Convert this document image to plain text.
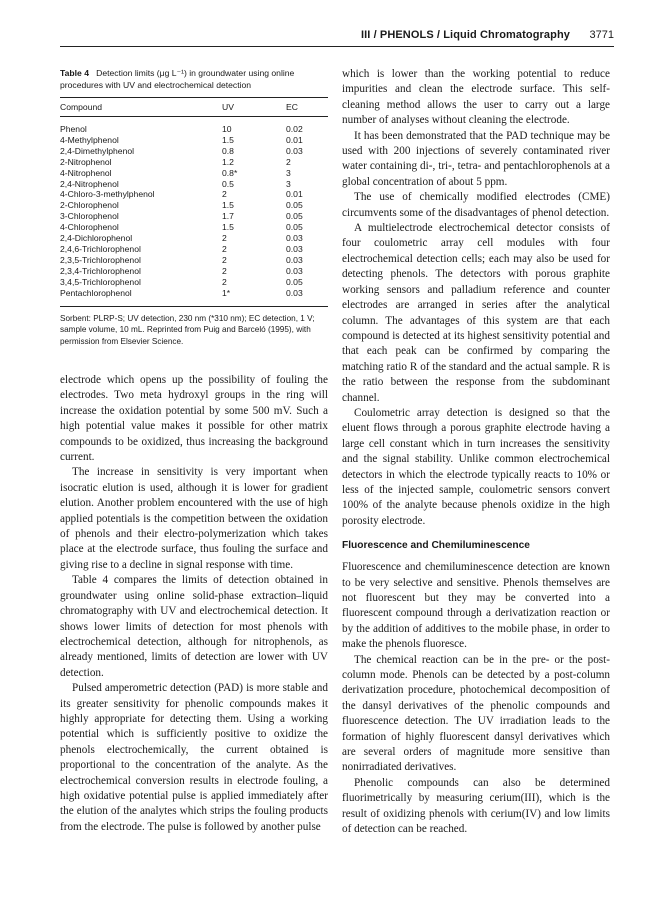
III / PHENOLS / Liquid Chromatography 3771

Table 4 Detection limits (μg L⁻¹) in groundwater using online procedures with UV and electrochemical detection

Compound	UV	EC
Phenol	10	0.02
4-Methylphenol	1.5	0.01
2,4-Dimethylphenol	0.8	0.03
2-Nitrophenol	1.2	2
4-Nitrophenol	0.8*	3
2,4-Nitrophenol	0.5	3
4-Chloro-3-methylphenol	2	0.01
2-Chlorophenol	1.5	0.05
3-Chlorophenol	1.7	0.05
4-Chlorophenol	1.5	0.05
2,4-Dichlorophenol	2	0.03
2,4,6-Trichlorophenol	2	0.03
2,3,5-Trichlorophenol	2	0.03
2,3,4-Trichlorophenol	2	0.03
3,4,5-Trichlorophenol	2	0.05
Pentachlorophenol	1*	0.03

Sorbent: PLRP-S; UV detection, 230 nm (*310 nm); EC detection, 1 V; sample volume, 10 mL. Reprinted from Puig and Barceló (1995), with permission from Elsevier Science.

electrode which opens up the possibility of fouling the electrodes. Two meta hydroxyl groups in the ring will increase the oxidation potential by some 500 mV. Such a high potential value makes it possible for other matrix compounds to be oxidized, thus increasing the background current.

The increase in sensitivity is very important when isocratic elution is used, although it is lower for gradient elution. Another problem encountered with the use of high applied potentials is the competition between the oxidation of phenols and their electro-polymerization which takes place at the electrode surface, thus fouling the surface and giving rise to a decline in signal response with time.

Table 4 compares the limits of detection obtained in groundwater using online solid-phase extraction–liquid chromatography with UV and electrochemical detection. It shows lower limits of detection for most phenols with electrochemical detection, although for nitrophenols, as already mentioned, limits of detection are lower with UV detection.

Pulsed amperometric detection (PAD) is more stable and its greater sensitivity for phenolic compounds makes it highly appropriate for detecting them. Using a working potential which is sufficiently positive to oxidize the phenols electrochemically, the current obtained is proportional to the concentration of the analyte. As the electrochemical conversion results in electrode fouling, a high oxidative potential pulse is applied immediately after the elution of the analytes which strips the fouling products from the electrode. The pulse is followed by another pulse

which is lower than the working potential to reduce impurities and clean the electrode surface. This self-cleaning method allows the user to carry out a large number of analyses without cleaning the electrode.

It has been demonstrated that the PAD technique may be used with 200 injections of severely contaminated river water containing di-, tri-, tetra- and pentachlorophenols at a global concentration of about 5 ppm.

The use of chemically modified electrodes (CME) circumvents some of the disadvantages of phenol detection.

A multielectrode electrochemical detector consists of four coulometric array cell modules with four electrochemical detection cells; each may also be used for detecting phenols. The detectors with porous graphite working sensors and palladium reference and counter electrodes are arranged in series after the analytical column. The advantages of this system are that each compound is detected at its highest sensitivity potential and that each peak can be confirmed by comparing the matching ratio R of the standard and the actual sample. R is the ratio between the response from the subdominant channel.

Coulometric array detection is designed so that the eluent flows through a porous graphite electrode having a large cell constant which in turn increases the sensitivity and the signal stability. Unlike common electrochemical detectors in which the electrode typically reacts to 10% or less of the injected sample, coulometric sensors convert 100% of the analyte because phenols oxidize in the high porosity electrode.

Fluorescence and Chemiluminescence

Fluorescence and chemiluminescence detection are known to be very selective and sensitive. Phenols themselves are not fluorescent but they may be converted into a fluorescent compound through a derivatization reaction or by the addition of additives to the mobile phase, in order to make the phenols fluoresce.

The chemical reaction can be in the pre- or the post-column mode. Phenols can be detected by a post-column derivatization procedure, photochemical decomposition of the dansyl derivatives of the phenolic compounds and fluorescence detection. The UV irradiation leads to the formation of highly fluorescent dansyl derivatives which are several orders of magnitude more sensitive than nonirradiated derivatives.

Phenolic compounds can also be determined fluorimetrically by measuring cerium(III), which is the result of oxidizing phenols with cerium(IV) and low limits of detection can be reached.
